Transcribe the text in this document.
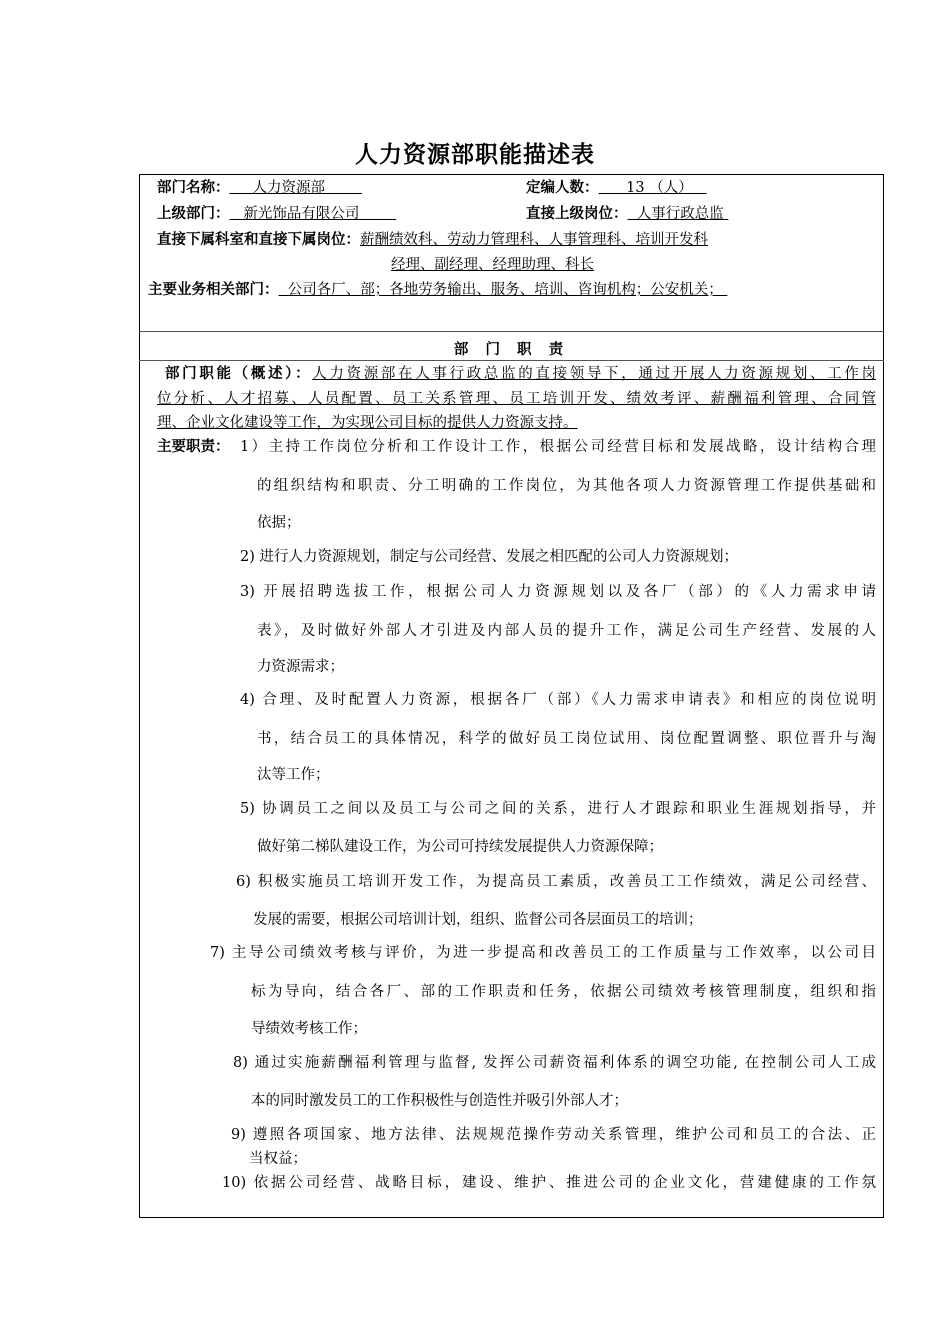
人力资源部职能描述表
部门名称：     人力资源部	定编人数：      13 （人）
上级部门：   新光饰品有限公司	直接上级岗位：  人事行政总监
直接下属科室和直接下属岗位：薪酬绩效科、劳动力管理科、人事管理科、培训开发科
经理、副经理、经理助理、科长
主要业务相关部门：  公司各厂、部；各地劳务输出、服务、培训、咨询机构；公安机关；
部 门 职 责
部门职能（概述）：人力资源部在人事行政总监的直接领导下，通过开展人力资源规划、工作岗
位分析、人才招募、人员配置、员工关系管理、员工培训开发、绩效考评、薪酬福利管理、合同管
理、企业文化建设等工作，为实现公司目标的提供人力资源支持。
主要职责： 1）主持工作岗位分析和工作设计工作，根据公司经营目标和发展战略，设计结构合理
的组织结构和职责、分工明确的工作岗位，为其他各项人力资源管理工作提供基础和
依据；
2) 进行人力资源规划，制定与公司经营、发展之相匹配的公司人力资源规划；
3) 开展招聘选拔工作，根据公司人力资源规划以及各厂（部）的《人力需求申请
表》，及时做好外部人才引进及内部人员的提升工作，满足公司生产经营、发展的人
力资源需求；
4) 合理、及时配置人力资源，根据各厂（部）《人力需求申请表》和相应的岗位说明
书，结合员工的具体情况，科学的做好员工岗位试用、岗位配置调整、职位晋升与淘
汰等工作；
5) 协调员工之间以及员工与公司之间的关系，进行人才跟踪和职业生涯规划指导，并
做好第二梯队建设工作，为公司可持续发展提供人力资源保障；
6) 积极实施员工培训开发工作，为提高员工素质，改善员工工作绩效，满足公司经营、
发展的需要，根据公司培训计划，组织、监督公司各层面员工的培训；
7) 主导公司绩效考核与评价，为进一步提高和改善员工的工作质量与工作效率，以公司目
标为导向，结合各厂、部的工作职责和任务，依据公司绩效考核管理制度，组织和指
导绩效考核工作；
8) 通过实施薪酬福利管理与监督, 发挥公司薪资福利体系的调空功能, 在控制公司人工成
本的同时激发员工的工作积极性与创造性并吸引外部人才；
9) 遵照各项国家、地方法律、法规规范操作劳动关系管理，维护公司和员工的合法、正
当权益；
10) 依据公司经营、战略目标，建设、维护、推进公司的企业文化，营建健康的工作氛
